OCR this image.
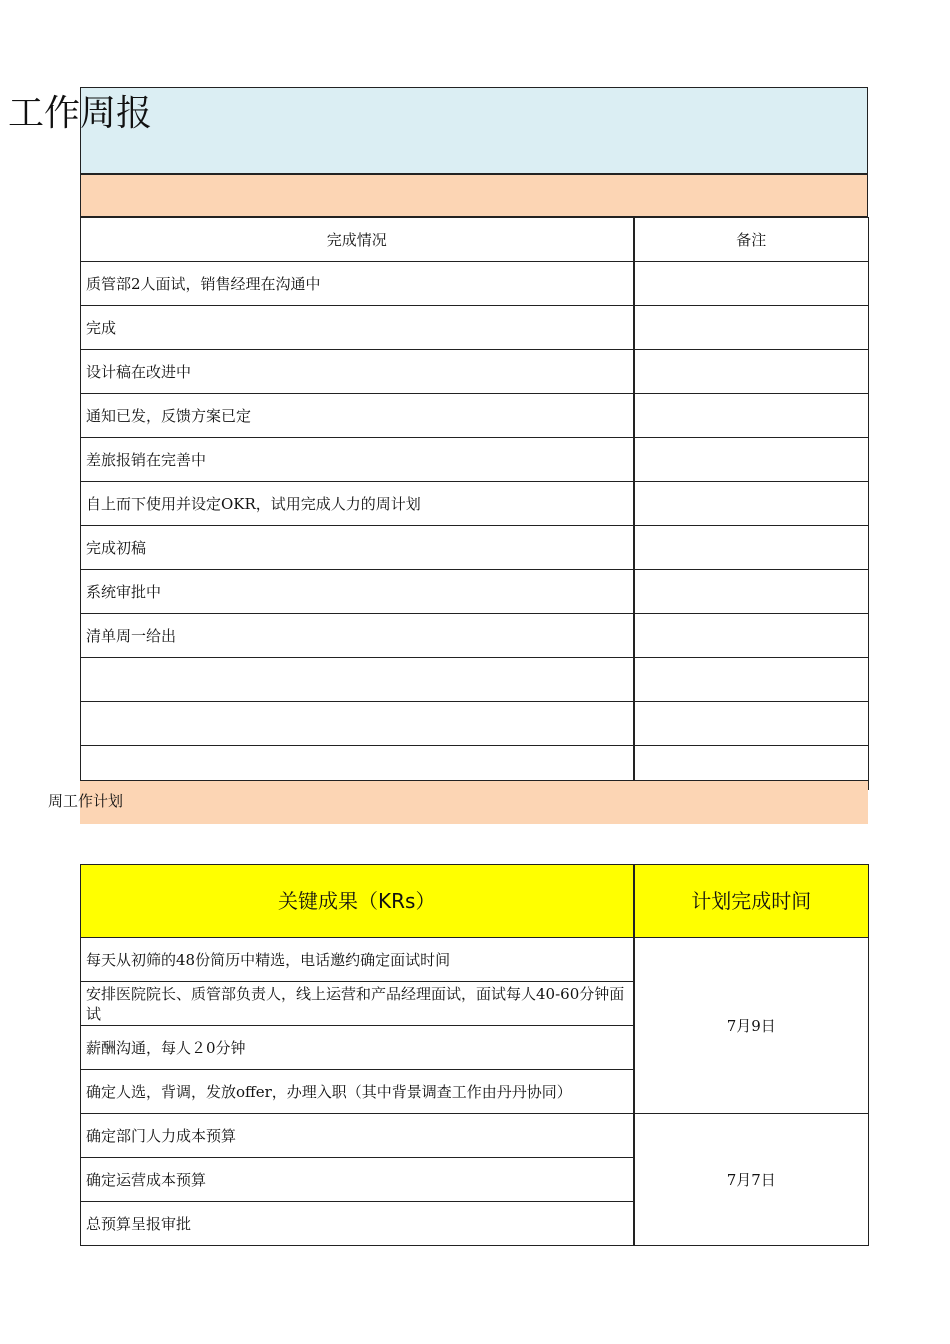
工作周报
完成情况	备注
质管部2人面试，销售经理在沟通中	
完成	
设计稿在改进中	
通知已发，反馈方案已定	
差旅报销在完善中	
自上而下使用并设定OKR，试用完成人力的周计划	
完成初稿	
系统审批中	
清单周一给出	

周工作计划
关键成果（KRs）	计划完成时间
每天从初筛的48份简历中精选，电话邀约确定面试时间	7月9日
安排医院院长、质管部负责人，线上运营和产品经理面试，面试每人40-60分钟面试	
薪酬沟通，每人２0分钟	
确定人选，背调，发放offer，办理入职（其中背景调查工作由丹丹协同）	
确定部门人力成本预算	7月7日
确定运营成本预算	
总预算呈报审批	
